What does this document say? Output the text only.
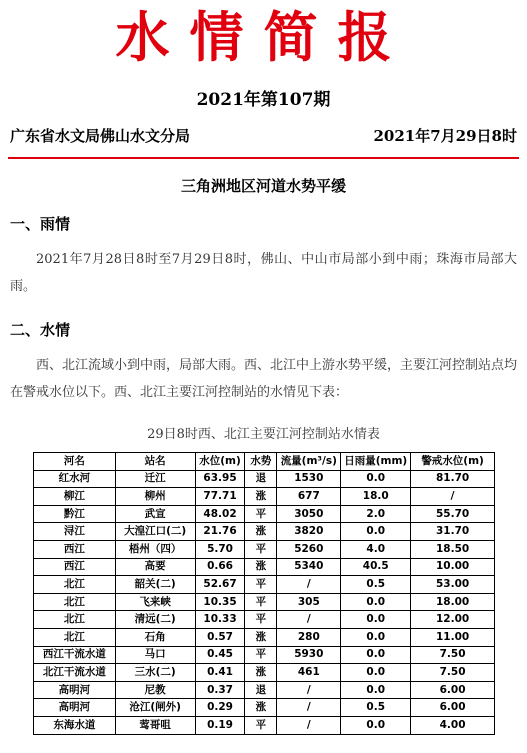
水情简报
2021年第107期
广东省水文局佛山水文分局	2021年7月29日8时
三角洲地区河道水势平缓
一、雨情
2021年7月28日8时至7月29日8时，佛山、中山市局部小到中雨；珠海市局部大雨。
二、水情
西、北江流域小到中雨，局部大雨。西、北江中上游水势平缓，主要江河控制站点均在警戒水位以下。西、北江主要江河控制站的水情见下表：
29日8时西、北江主要江河控制站水情表
河名	站名	水位(m)	水势	流量(m³/s)	日雨量(mm)	警戒水位(m)
红水河	迁江	63.95	退	1530	0.0	81.70
柳江	柳州	77.71	涨	677	18.0	/
黔江	武宣	48.02	平	3050	2.0	55.70
浔江	大湟江口(二)	21.76	涨	3820	0.0	31.70
西江	梧州（四）	5.70	平	5260	4.0	18.50
西江	高要	0.66	涨	5340	40.5	10.00
北江	韶关(二)	52.67	平	/	0.5	53.00
北江	飞来峡	10.35	平	305	0.0	18.00
北江	清远(二)	10.33	平	/	0.0	12.00
北江	石角	0.57	涨	280	0.0	11.00
西江干流水道	马口	0.45	平	5930	0.0	7.50
北江干流水道	三水(二)	0.41	涨	461	0.0	7.50
高明河	尼教	0.37	退	/	0.0	6.00
高明河	沧江(闸外)	0.29	涨	/	0.5	6.00
东海水道	莺哥咀	0.19	平	/	0.0	4.00
